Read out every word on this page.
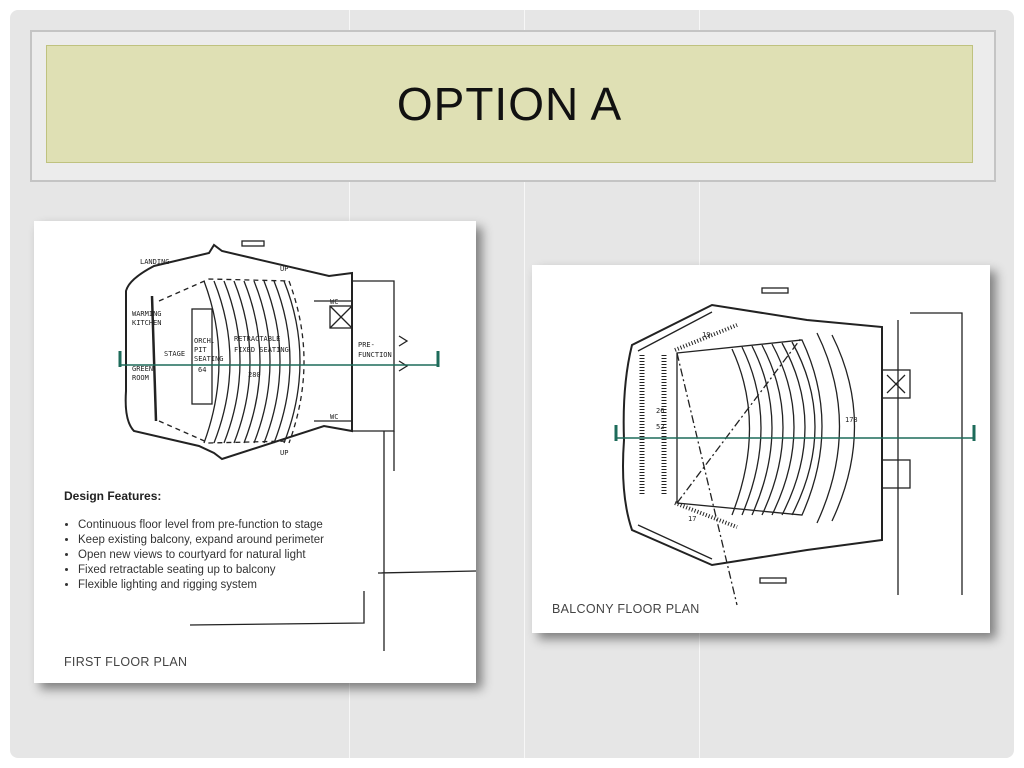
OPTION A
LANDING
WARMING
KITCHEN
STAGE
GREEN
ROOM
ORCH.
PIT
SEATING
64
RETRACTABLE
FIXED SEATING
280
WC
WC
PRE-
FUNCTION
UP
UP
Design Features:
• Continuous floor level from pre-function to stage
• Keep existing balcony, expand around perimeter
• Open new views to courtyard for natural light
• Fixed retractable seating up to balcony
• Flexible lighting and rigging system
FIRST FLOOR PLAN
19
26
52
17
178
BALCONY FLOOR PLAN
